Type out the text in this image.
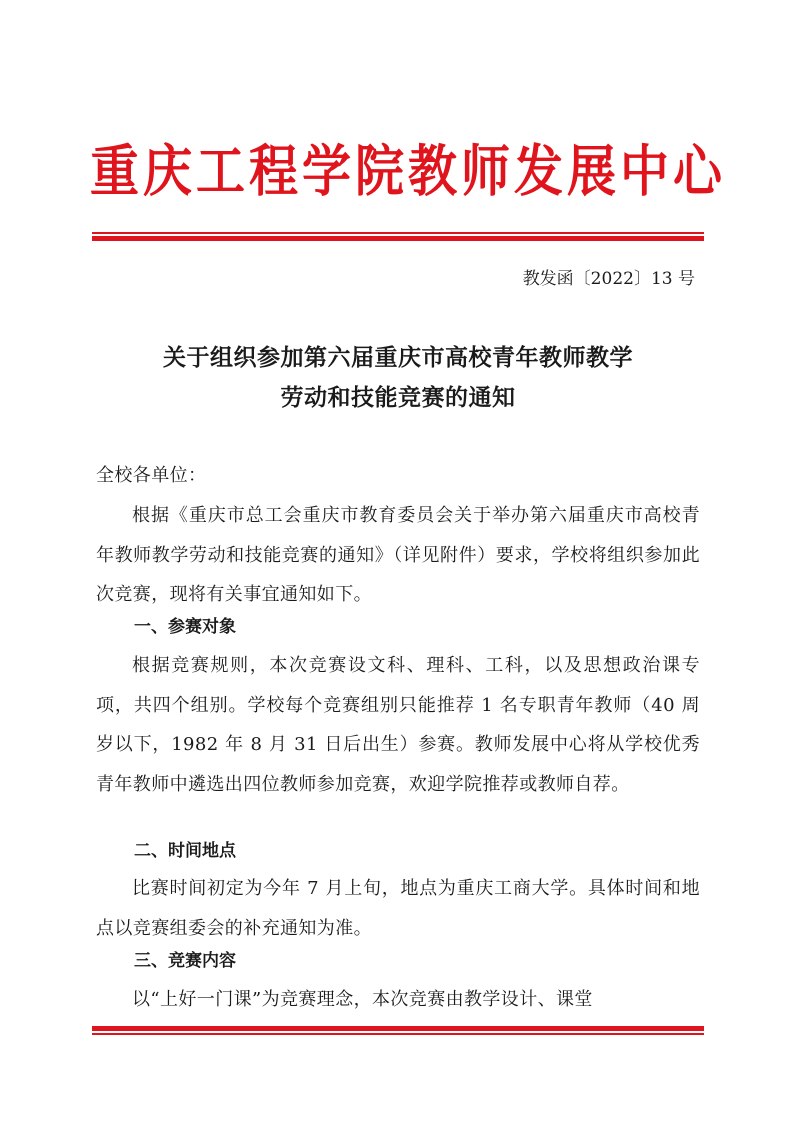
重庆工程学院教师发展中心
教发函〔2022〕13 号
关于组织参加第六届重庆市高校青年教师教学
劳动和技能竞赛的通知
全校各单位：
根据《重庆市总工会重庆市教育委员会关于举办第六届重庆市高校青年教师教学劳动和技能竞赛的通知》（详见附件）要求，学校将组织参加此次竞赛，现将有关事宜通知如下。
一、参赛对象
根据竞赛规则，本次竞赛设文科、理科、工科，以及思想政治课专项，共四个组别。学校每个竞赛组别只能推荐 1 名专职青年教师（40 周岁以下，1982 年 8 月 31 日后出生）参赛。教师发展中心将从学校优秀青年教师中遴选出四位教师参加竞赛，欢迎学院推荐或教师自荐。
二、时间地点
比赛时间初定为今年 7 月上旬，地点为重庆工商大学。具体时间和地点以竞赛组委会的补充通知为准。
三、竞赛内容
以“上好一门课”为竞赛理念，本次竞赛由教学设计、课堂
